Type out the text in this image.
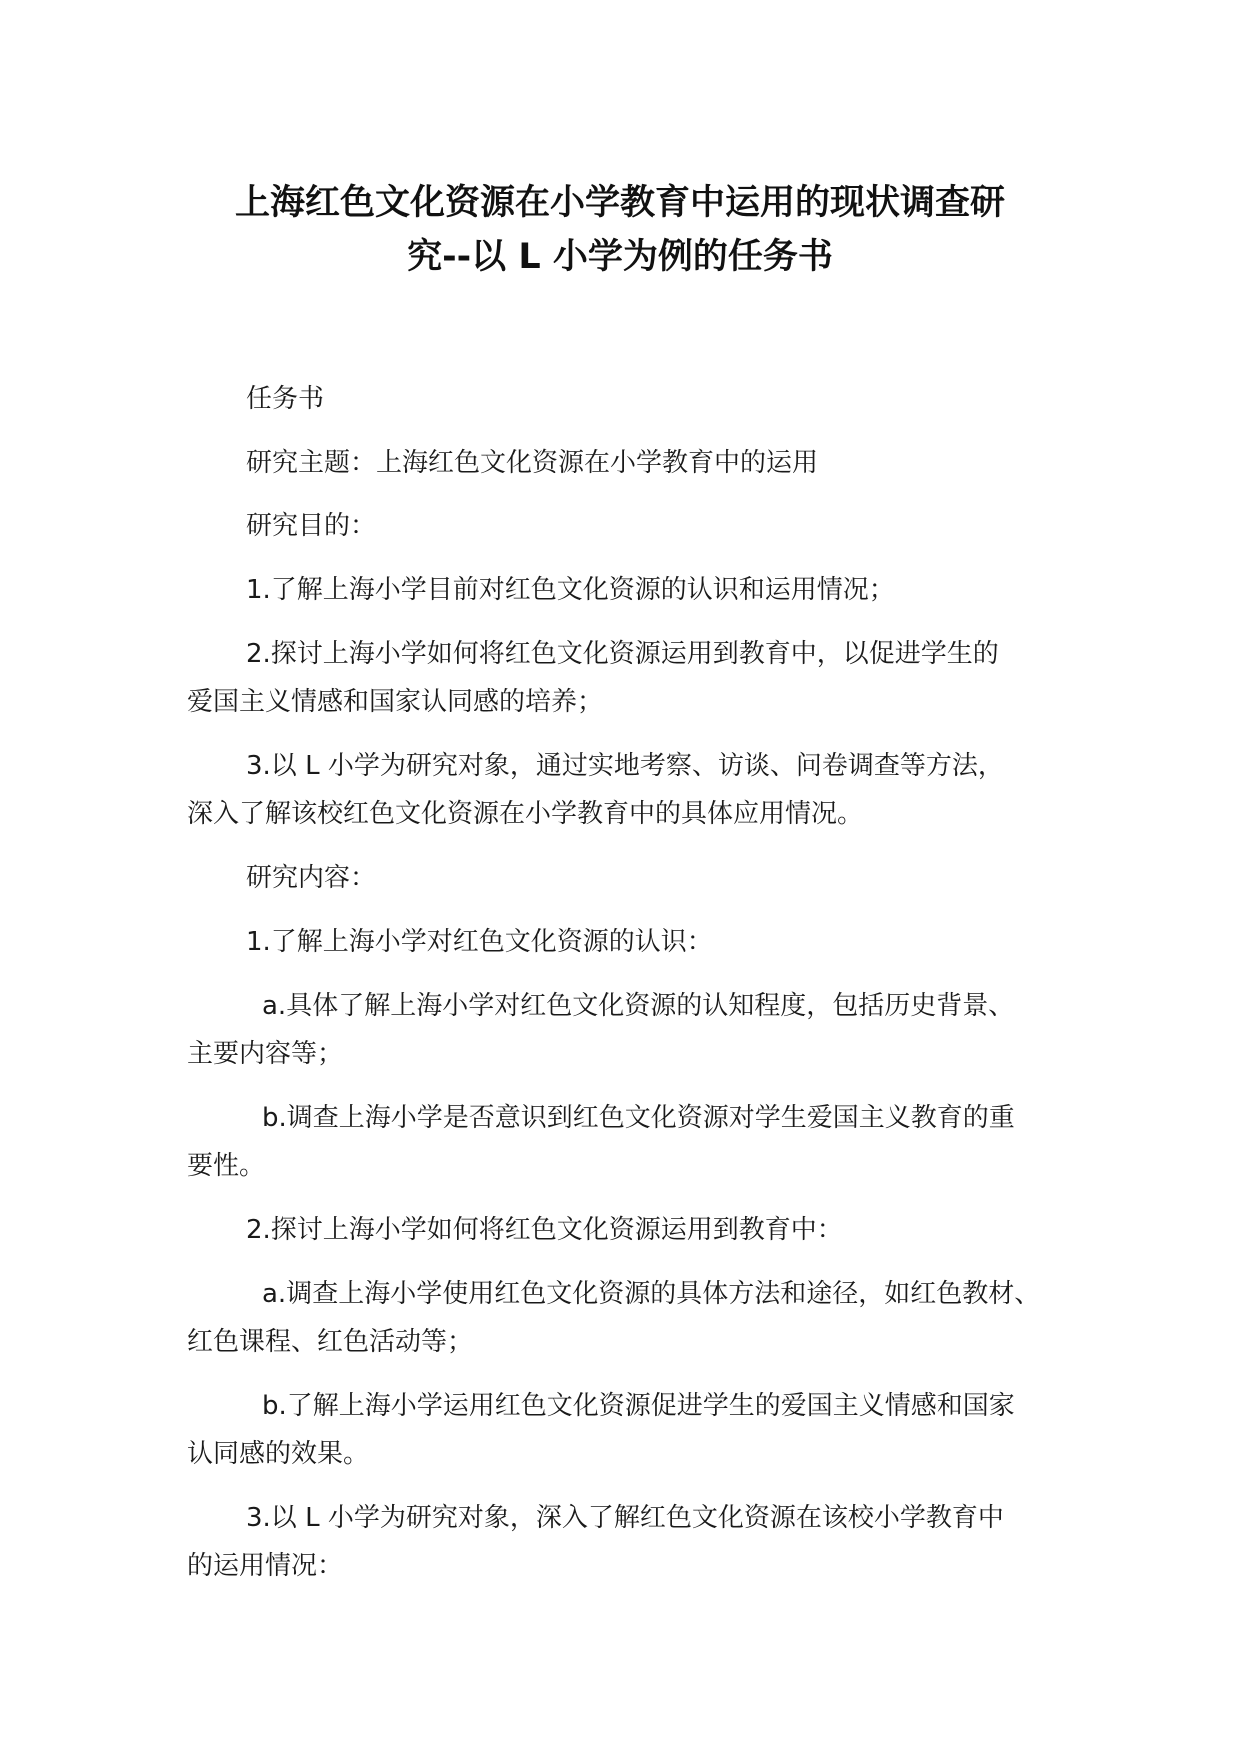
上海红色文化资源在小学教育中运用的现状调查研
究--以 L 小学为例的任务书
任务书
研究主题：上海红色文化资源在小学教育中的运用
研究目的：
1.了解上海小学目前对红色文化资源的认识和运用情况；
2.探讨上海小学如何将红色文化资源运用到教育中，以促进学生的
爱国主义情感和国家认同感的培养；
3.以 L 小学为研究对象，通过实地考察、访谈、问卷调查等方法，
深入了解该校红色文化资源在小学教育中的具体应用情况。
研究内容：
1.了解上海小学对红色文化资源的认识：
a.具体了解上海小学对红色文化资源的认知程度，包括历史背景、
主要内容等；
b.调查上海小学是否意识到红色文化资源对学生爱国主义教育的重
要性。
2.探讨上海小学如何将红色文化资源运用到教育中：
a.调查上海小学使用红色文化资源的具体方法和途径，如红色教材、
红色课程、红色活动等；
b.了解上海小学运用红色文化资源促进学生的爱国主义情感和国家
认同感的效果。
3.以 L 小学为研究对象，深入了解红色文化资源在该校小学教育中
的运用情况：
